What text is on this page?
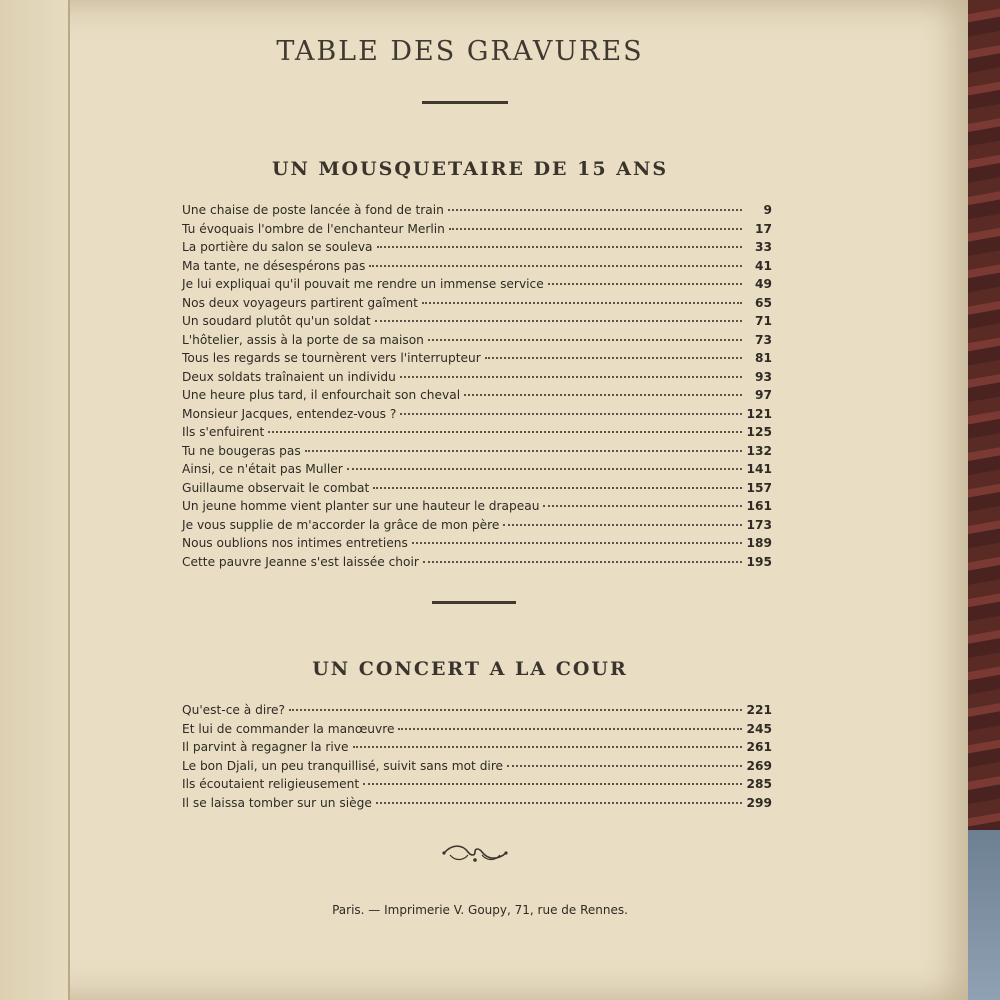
TABLE DES GRAVURES
UN MOUSQUETAIRE DE 15 ANS
Une chaise de poste lancée à fond de train	9
Tu évoquais l'ombre de l'enchanteur Merlin	17
La portière du salon se souleva	33
Ma tante, ne désespérons pas	41
Je lui expliquai qu'il pouvait me rendre un immense service	49
Nos deux voyageurs partirent gaîment	65
Un soudard plutôt qu'un soldat	71
L'hôtelier, assis à la porte de sa maison	73
Tous les regards se tournèrent vers l'interrupteur	81
Deux soldats traînaient un individu	93
Une heure plus tard, il enfourchait son cheval	97
Monsieur Jacques, entendez-vous ?	121
Ils s'enfuirent	125
Tu ne bougeras pas	132
Ainsi, ce n'était pas Muller	141
Guillaume observait le combat	157
Un jeune homme vient planter sur une hauteur le drapeau	161
Je vous supplie de m'accorder la grâce de mon père	173
Nous oublions nos intimes entretiens	189
Cette pauvre Jeanne s'est laissée choir	195
UN CONCERT A LA COUR
Qu'est-ce à dire?	221
Et lui de commander la manœuvre	245
Il parvint à regagner la rive	261
Le bon Djali, un peu tranquillisé, suivit sans mot dire	269
Ils écoutaient religieusement	285
Il se laissa tomber sur un siège	299
Paris. — Imprimerie V. Goupy, 71, rue de Rennes.
